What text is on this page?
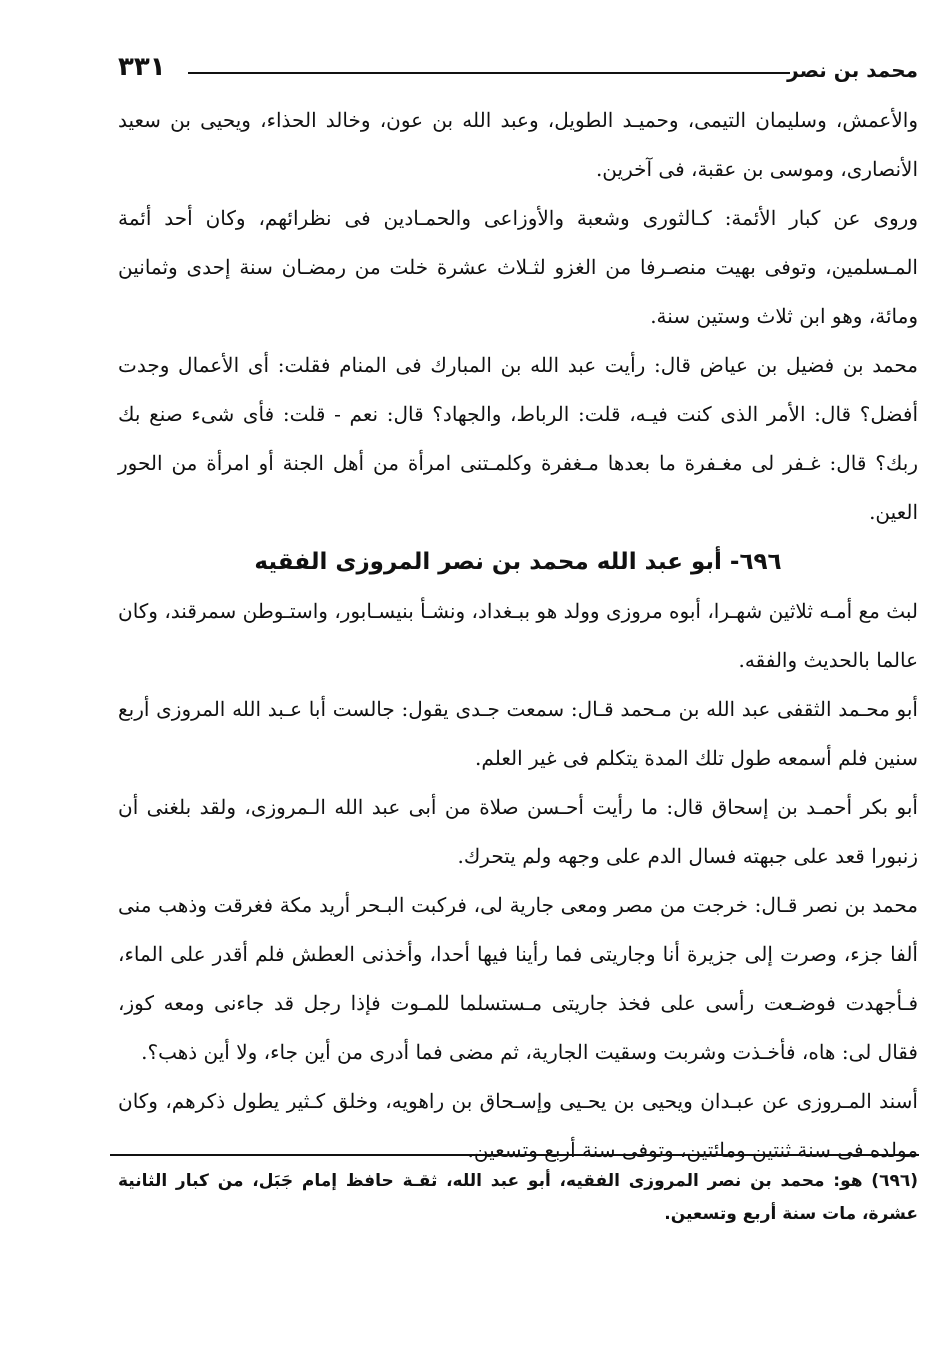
محمد بن نصر
٣٣١

والأعمش، وسليمان التيمى، وحميـد الطويل، وعبد الله بن عون، وخالد الحذاء، ويحيى بن سعيد الأنصارى، وموسى بن عقبة، فى آخرين.

وروى عن كبار الأئمة: كـالثورى وشعبة والأوزاعى والحمـادين فى نظرائهم، وكان أحد أئمة المـسلمين، وتوفى بهيت منصـرفا من الغزو لثـلاث عشرة خلت من رمضـان سنة إحدى وثمانين ومائة، وهو ابن ثلاث وستين سنة.

محمد بن فضيل بن عياض قال: رأيت عبد الله بن المبارك فى المنام فقلت: أى الأعمال وجدت أفضل؟ قال: الأمر الذى كنت فيـه، قلت: الرباط، والجهاد؟ قال: نعم - قلت: فأى شىء صنع بك ربك؟ قال: غـفر لى مغـفرة ما بعدها مـغفرة وكلمـتنى امرأة من أهل الجنة أو امرأة من الحور العين.

٦٩٦- أبو عبد الله محمد بن نصر المروزى الفقيه

لبث مع أمـه ثلاثين شهـرا، أبوه مروزى وولد هو ببـغداد، ونشـأ بنيسـابور، واستـوطن سمرقند، وكان عالما بالحديث والفقه.

أبو محـمد الثقفى عبد الله بن مـحمد قـال: سمعت جـدى يقول: جالست أبا عـبد الله المروزى أربع سنين فلم أسمعه طول تلك المدة يتكلم فى غير العلم.

أبو بكر أحمـد بن إسحاق قال: ما رأيت أحـسن صلاة من أبى عبد الله الـمروزى، ولقد بلغنى أن زنبورا قعد على جبهته فسال الدم على وجهه ولم يتحرك.

محمد بن نصر قـال: خرجت من مصر ومعى جارية لى، فركبت البـحر أريد مكة فغرقت وذهب منى ألفا جزء، وصرت إلى جزيرة أنا وجاريتى فما رأينا فيها أحدا، وأخذنى العطش فلم أقدر على الماء، فـأجهدت فوضـعت رأسى على فخذ جاريتى مـستسلما للمـوت فإذا رجل قد جاءنى ومعه كوز، فقال لى: هاه، فأخـذت وشربت وسقيت الجارية، ثم مضى فما أدرى من أين جاء، ولا أين ذهب؟.

أسند المـروزى عن عبـدان ويحيى بن يحـيى وإسـحاق بن راهويه، وخلق كـثير يطول ذكرهم، وكان مولده فى سنة ثنتين ومائتين، وتوفى سنة أربع وتسعين.

(٦٩٦) هو: محمد بن نصر المروزى الفقيه، أبو عبد الله، ثقـة حافظ إمام جَبَل، من كبار الثانية عشرة، مات سنة أربع وتسعين.
